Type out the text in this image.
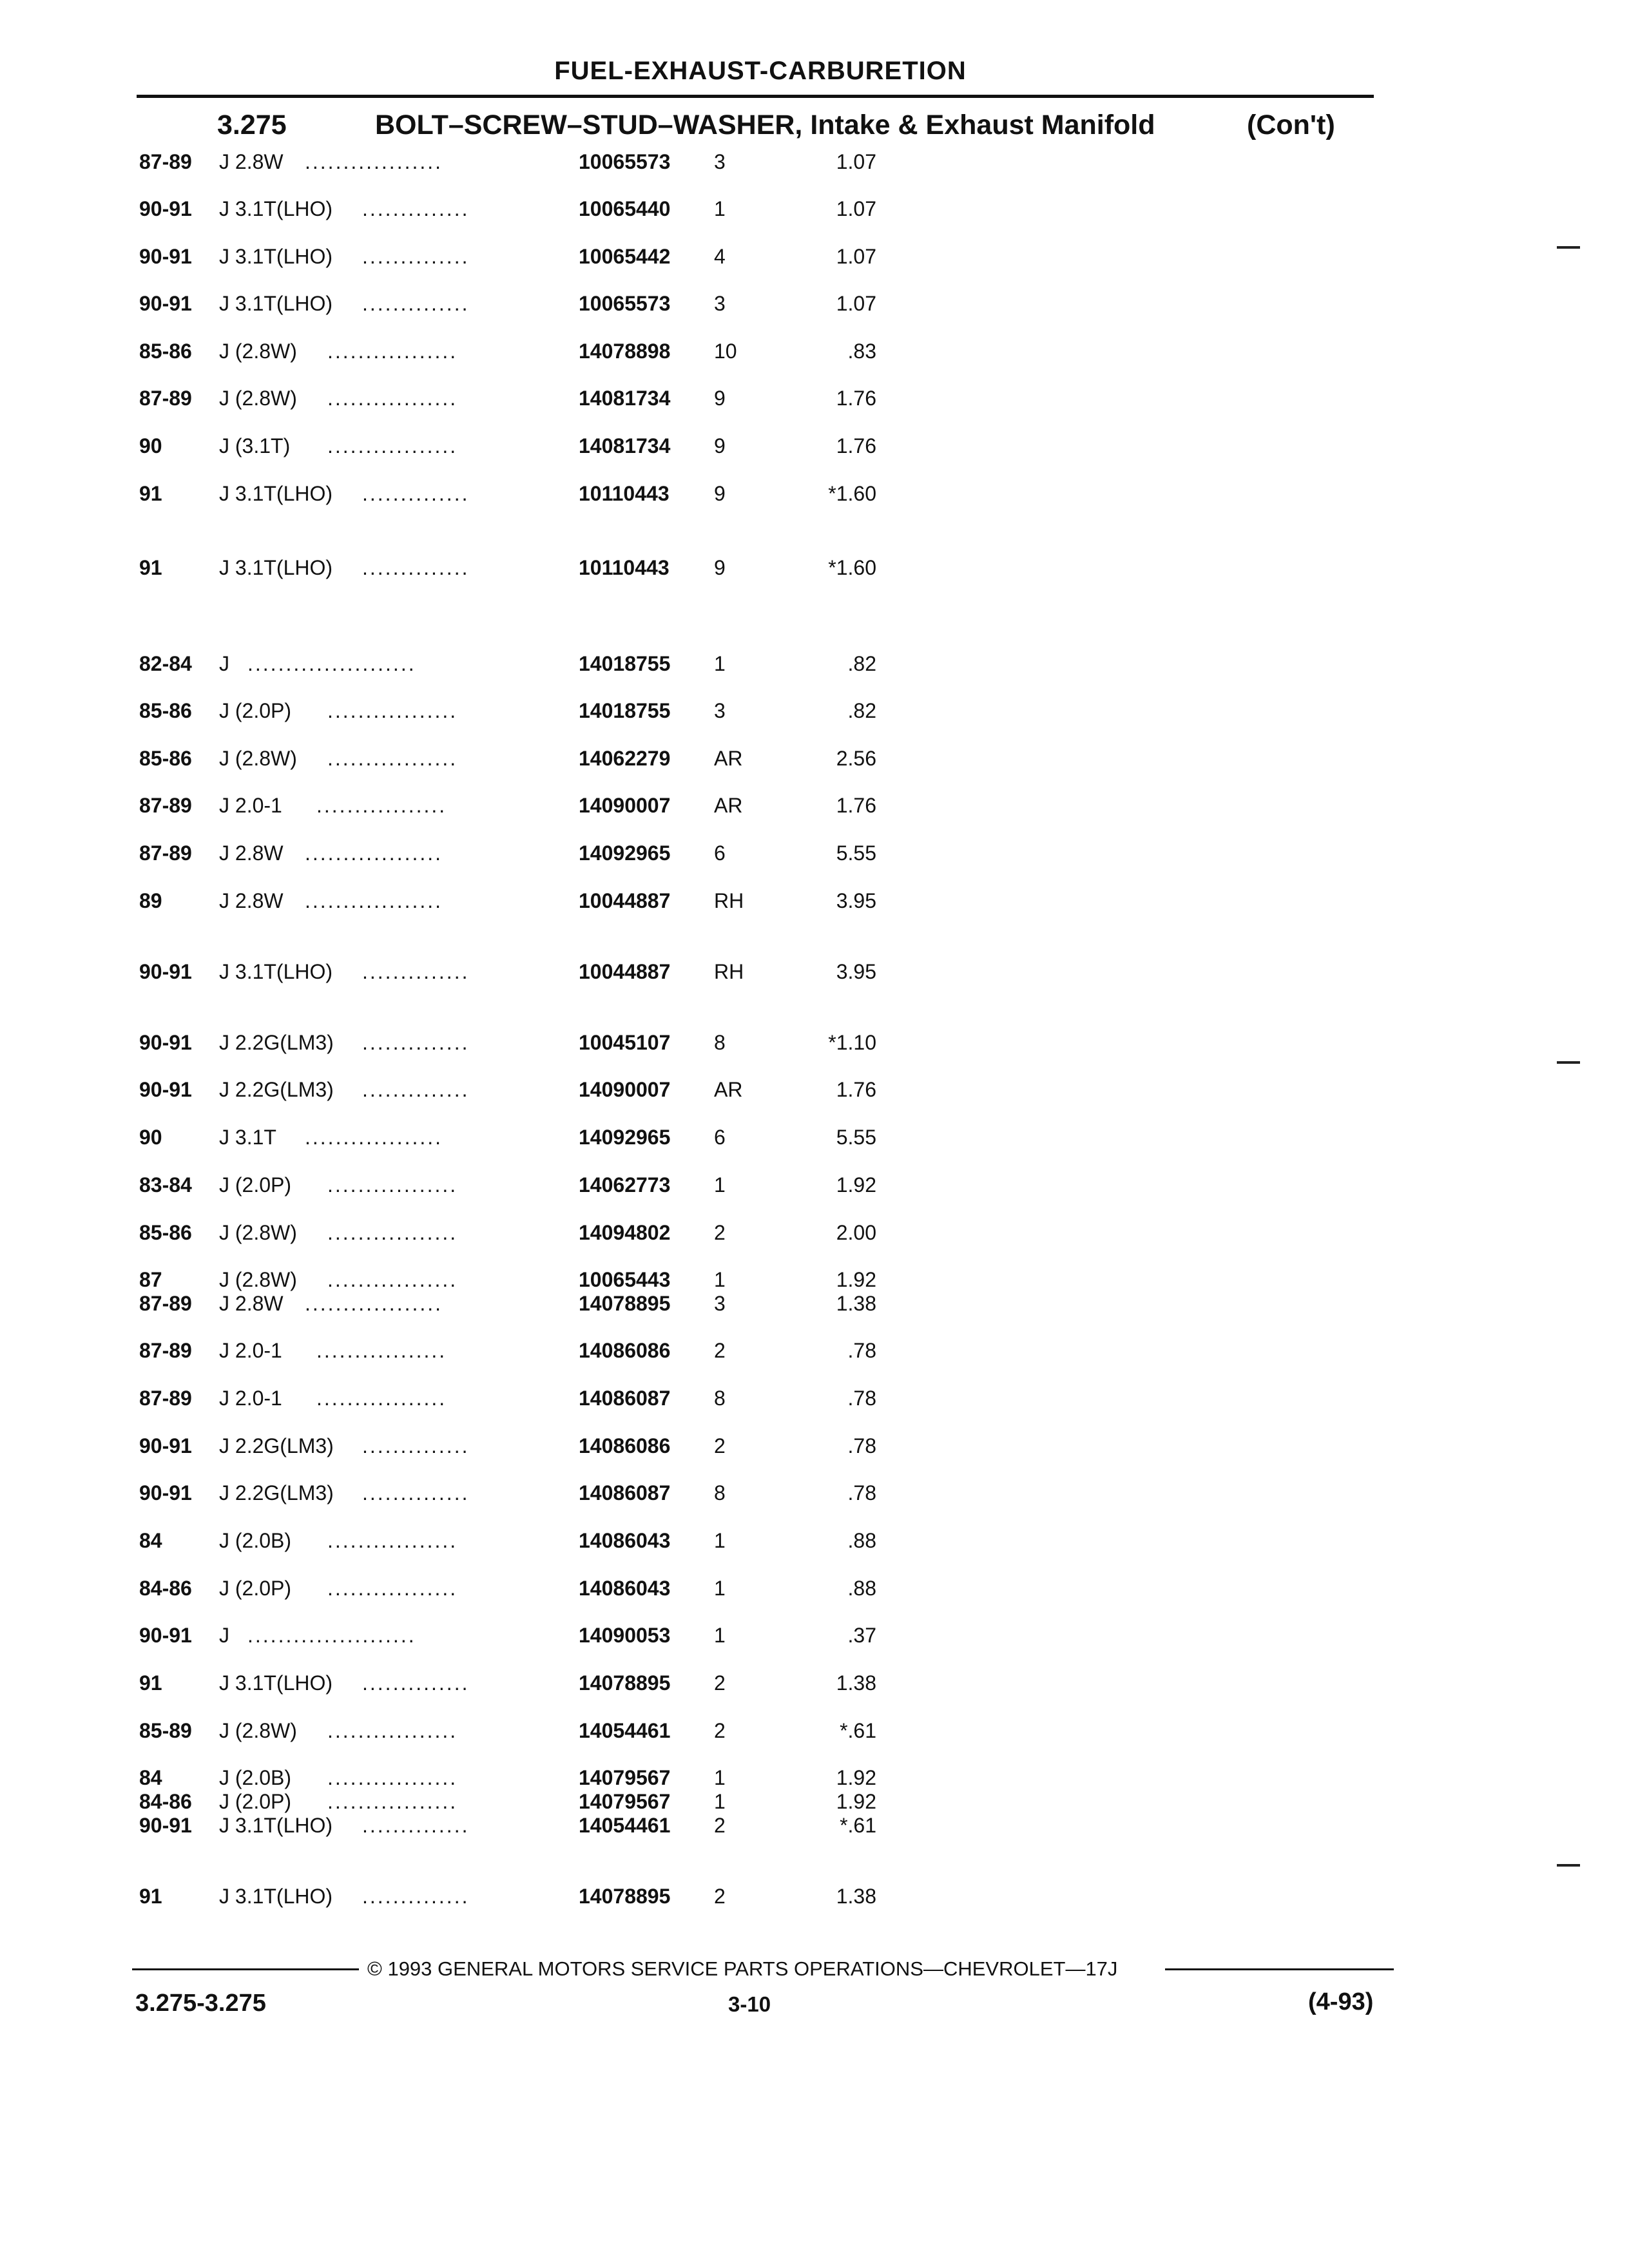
FUEL-EXHAUST-CARBURETION
3.275	BOLT–SCREW–STUD–WASHER, Intake & Exhaust Manifold	(Con't)
87-89 J 2.8W	10065573 3	1.07
..................
90-91 J 3.1T(LHO)	10065440 1	1.07
..............
90-91 J 3.1T(LHO)	10065442 4	1.07
..............
90-91 J 3.1T(LHO)	10065573 3	1.07
..............
85-86 J (2.8W)	14078898 10	.83
.................
87-89 J (2.8W)	14081734 9	1.76
.................
90	J (3.1T)	14081734 9	1.76
.................
91	J 3.1T(LHO)	10110443 9	*1.60
..............
91	J 3.1T(LHO)	10110443 9	*1.60
..............
82-84 J	14018755 1	.82
......................
85-86 J (2.0P)	14018755 3	.82
.................
85-86 J (2.8W)	14062279 AR	2.56
.................
87-89 J 2.0-1	14090007 AR	1.76
.................
87-89 J 2.8W	14092965 6	5.55
..................
89	J 2.8W	10044887 RH	3.95
..................
90-91 J 3.1T(LHO)	10044887 RH	3.95
..............
90-91 J 2.2G(LM3)	10045107 8	*1.10
..............
90-91 J 2.2G(LM3)	14090007 AR	1.76
..............
90	J 3.1T	14092965 6	5.55
..................
83-84 J (2.0P)	14062773 1	1.92
.................
85-86 J (2.8W)	14094802 2	2.00
.................
87	J (2.8W)	10065443 1	1.92
.................
87-89 J 2.8W	14078895 3	1.38
..................
87-89 J 2.0-1	14086086 2	.78
.................
87-89 J 2.0-1	14086087 8	.78
.................
90-91 J 2.2G(LM3)	14086086 2	.78
..............
90-91 J 2.2G(LM3)	14086087 8	.78
..............
84	J (2.0B)	14086043 1	.88
.................
84-86 J (2.0P)	14086043 1	.88
.................
90-91 J	14090053 1	.37
......................
91	J 3.1T(LHO)	14078895 2	1.38
..............
85-89 J (2.8W)	14054461 2	*.61
.................
84	J (2.0B)	14079567 1	1.92
.................
84-86 J (2.0P)	14079567 1	1.92
.................
90-91 J 3.1T(LHO)	14054461 2	*.61
..............
91	J 3.1T(LHO)	14078895 2	1.38
..............
© 1993 GENERAL MOTORS SERVICE PARTS OPERATIONS—CHEVROLET—17J
3.275-3.275	3-10	(4-93)
